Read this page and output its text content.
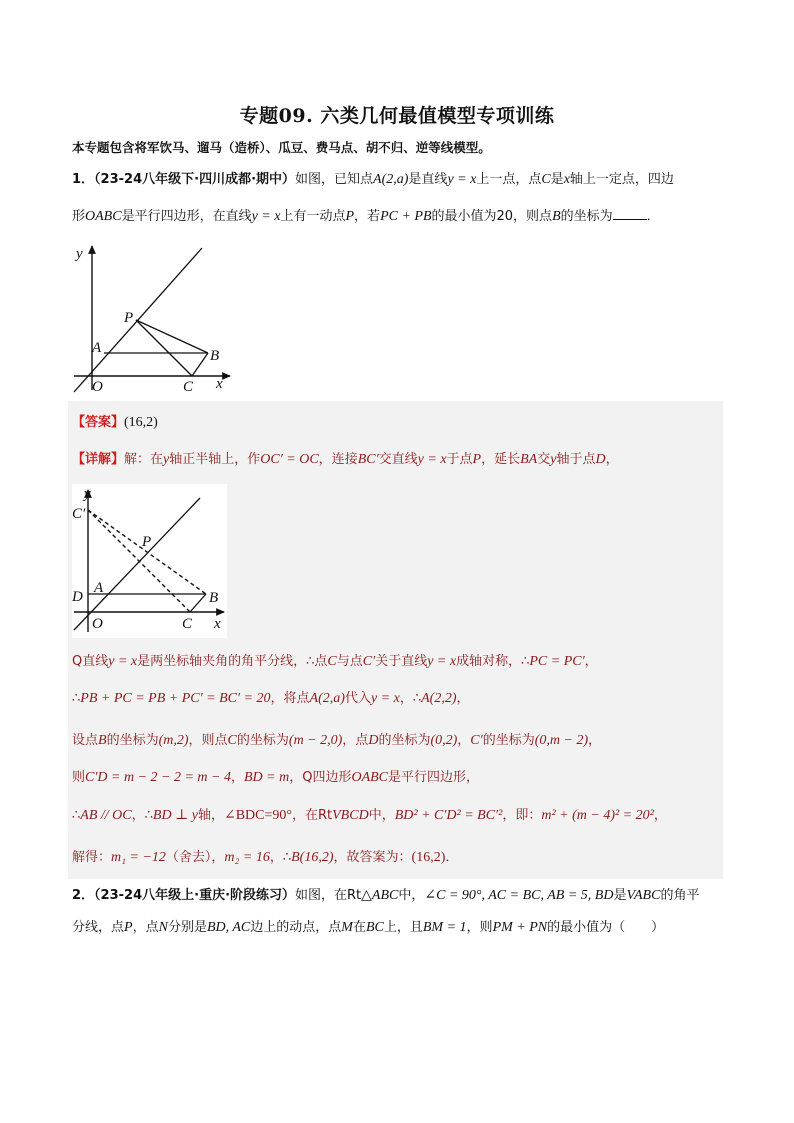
专题09. 六类几何最值模型专项训练
本专题包含将军饮马、遛马（造桥）、瓜豆、费马点、胡不归、逆等线模型。
1．（23-24八年级下·四川成都·期中）如图，已知点A(2,a)是直线y = x上一点，点C是x轴上一定点，四边
形OABC是平行四边形，在直线y = x上有一动点P，若PC + PB的最小值为20，则点B的坐标为	．
y
x
O
A
P
B
C
【答案】(16,2)
【详解】解：在y轴正半轴上，作OC′ = OC，连接BC′交直线y = x于点P，延长BA交y轴于点D，
y
x
C′
D
A
P
B
O	C
Q直线y = x是两坐标轴夹角的角平分线，∴点C与点C′关于直线y = x成轴对称，∴PC = PC′，
∴PB + PC = PB + PC′ = BC′ = 20，将点A(2,a)代入y = x，∴A(2,2)，
设点B的坐标为(m,2)，则点C的坐标为(m − 2,0)，点D的坐标为(0,2)，C′的坐标为(0,m − 2)，
则C′D = m − 2 − 2 = m − 4，BD = m，Q四边形OABC是平行四边形，
∴AB // OC，∴BD ⊥ y轴，∠BDC=90°，在RtVBCD中，BD² + C′D² = BC′²，即：m² + (m − 4)² = 20²，
解得：m₁ = −12（舍去），m₂ = 16，∴B(16,2)，故答案为：(16,2)．
2．（23-24八年级上·重庆·阶段练习）如图，在Rt△ABC中，∠C = 90°, AC = BC, AB = 5, BD是VABC的角平
分线，点P，点N分别是BD, AC边上的动点，点M在BC上，且BM = 1，则PM + PN的最小值为（　　）
